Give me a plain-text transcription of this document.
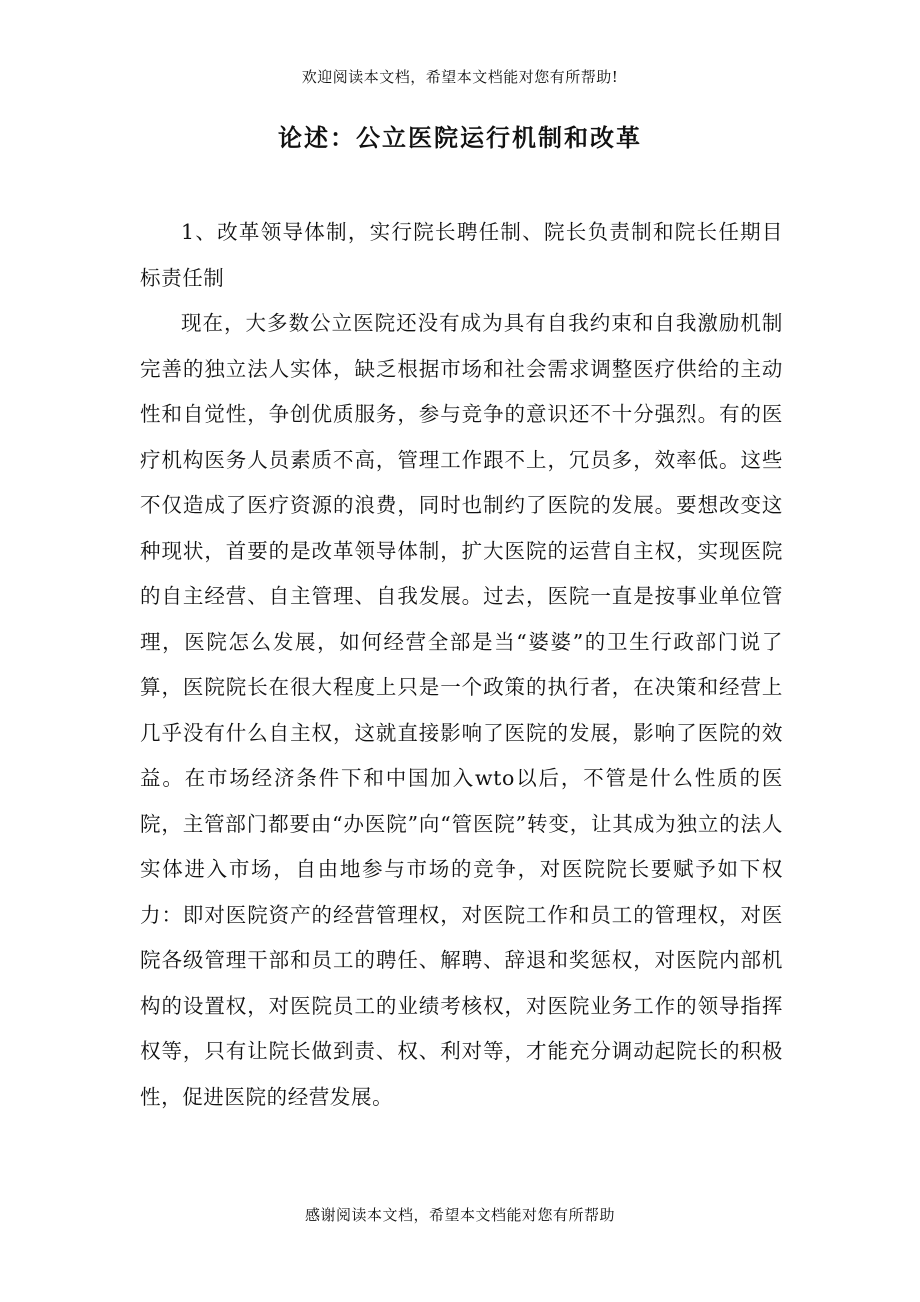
欢迎阅读本文档，希望本文档能对您有所帮助!
论述：公立医院运行机制和改革

1、改革领导体制，实行院长聘任制、院长负责制和院长任期目标责任制

现在，大多数公立医院还没有成为具有自我约束和自我激励机制完善的独立法人实体，缺乏根据市场和社会需求调整医疗供给的主动性和自觉性，争创优质服务，参与竞争的意识还不十分强烈。有的医疗机构医务人员素质不高，管理工作跟不上，冗员多，效率低。这些不仅造成了医疗资源的浪费，同时也制约了医院的发展。要想改变这种现状，首要的是改革领导体制，扩大医院的运营自主权，实现医院的自主经营、自主管理、自我发展。过去，医院一直是按事业单位管理，医院怎么发展，如何经营全部是当“婆婆”的卫生行政部门说了算，医院院长在很大程度上只是一个政策的执行者，在决策和经营上几乎没有什么自主权，这就直接影响了医院的发展，影响了医院的效益。在市场经济条件下和中国加入wto以后，不管是什么性质的医院，主管部门都要由“办医院”向“管医院”转变，让其成为独立的法人实体进入市场，自由地参与市场的竞争，对医院院长要赋予如下权力：即对医院资产的经营管理权，对医院工作和员工的管理权，对医院各级管理干部和员工的聘任、解聘、辞退和奖惩权，对医院内部机构的设置权，对医院员工的业绩考核权，对医院业务工作的领导指挥权等，只有让院长做到责、权、利对等，才能充分调动起院长的积极性，促进医院的经营发展。

感谢阅读本文档，希望本文档能对您有所帮助
